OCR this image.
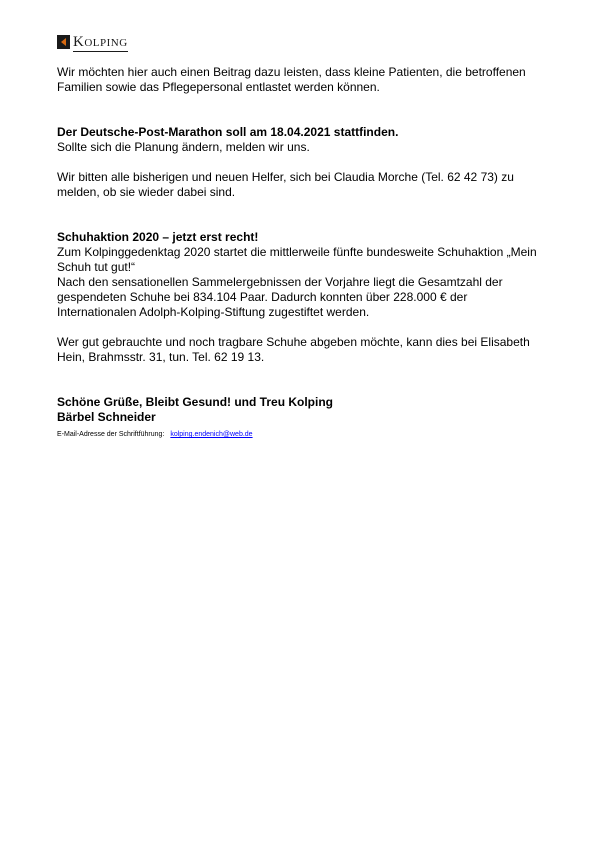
Kolping

Wir möchten hier auch einen Beitrag dazu leisten, dass kleine Patienten, die betroffenen Familien sowie das Pflegepersonal entlastet werden können.

Der Deutsche-Post-Marathon soll am 18.04.2021 stattfinden.

Sollte sich die Planung ändern, melden wir uns.

Wir bitten alle bisherigen und neuen Helfer, sich bei Claudia Morche (Tel. 62 42 73) zu melden, ob sie wieder dabei sind.

Schuhaktion 2020 – jetzt erst recht!

Zum Kolpinggedenktag 2020 startet die mittlerweile fünfte bundesweite Schuhaktion „Mein Schuh tut gut!“

Nach den sensationellen Sammelergebnissen der Vorjahre liegt die Gesamtzahl der gespendeten Schuhe bei 834.104 Paar. Dadurch konnten über 228.000 € der Internationalen Adolph-Kolping-Stiftung zugestiftet werden.

Wer gut gebrauchte und noch tragbare Schuhe abgeben möchte, kann dies bei Elisabeth Hein, Brahmsstr. 31, tun. Tel. 62 19 13.

Schöne Grüße, Bleibt Gesund! und Treu Kolping

Bärbel Schneider

E-Mail-Adresse der Schriftführung: kolping.endenich@web.de
